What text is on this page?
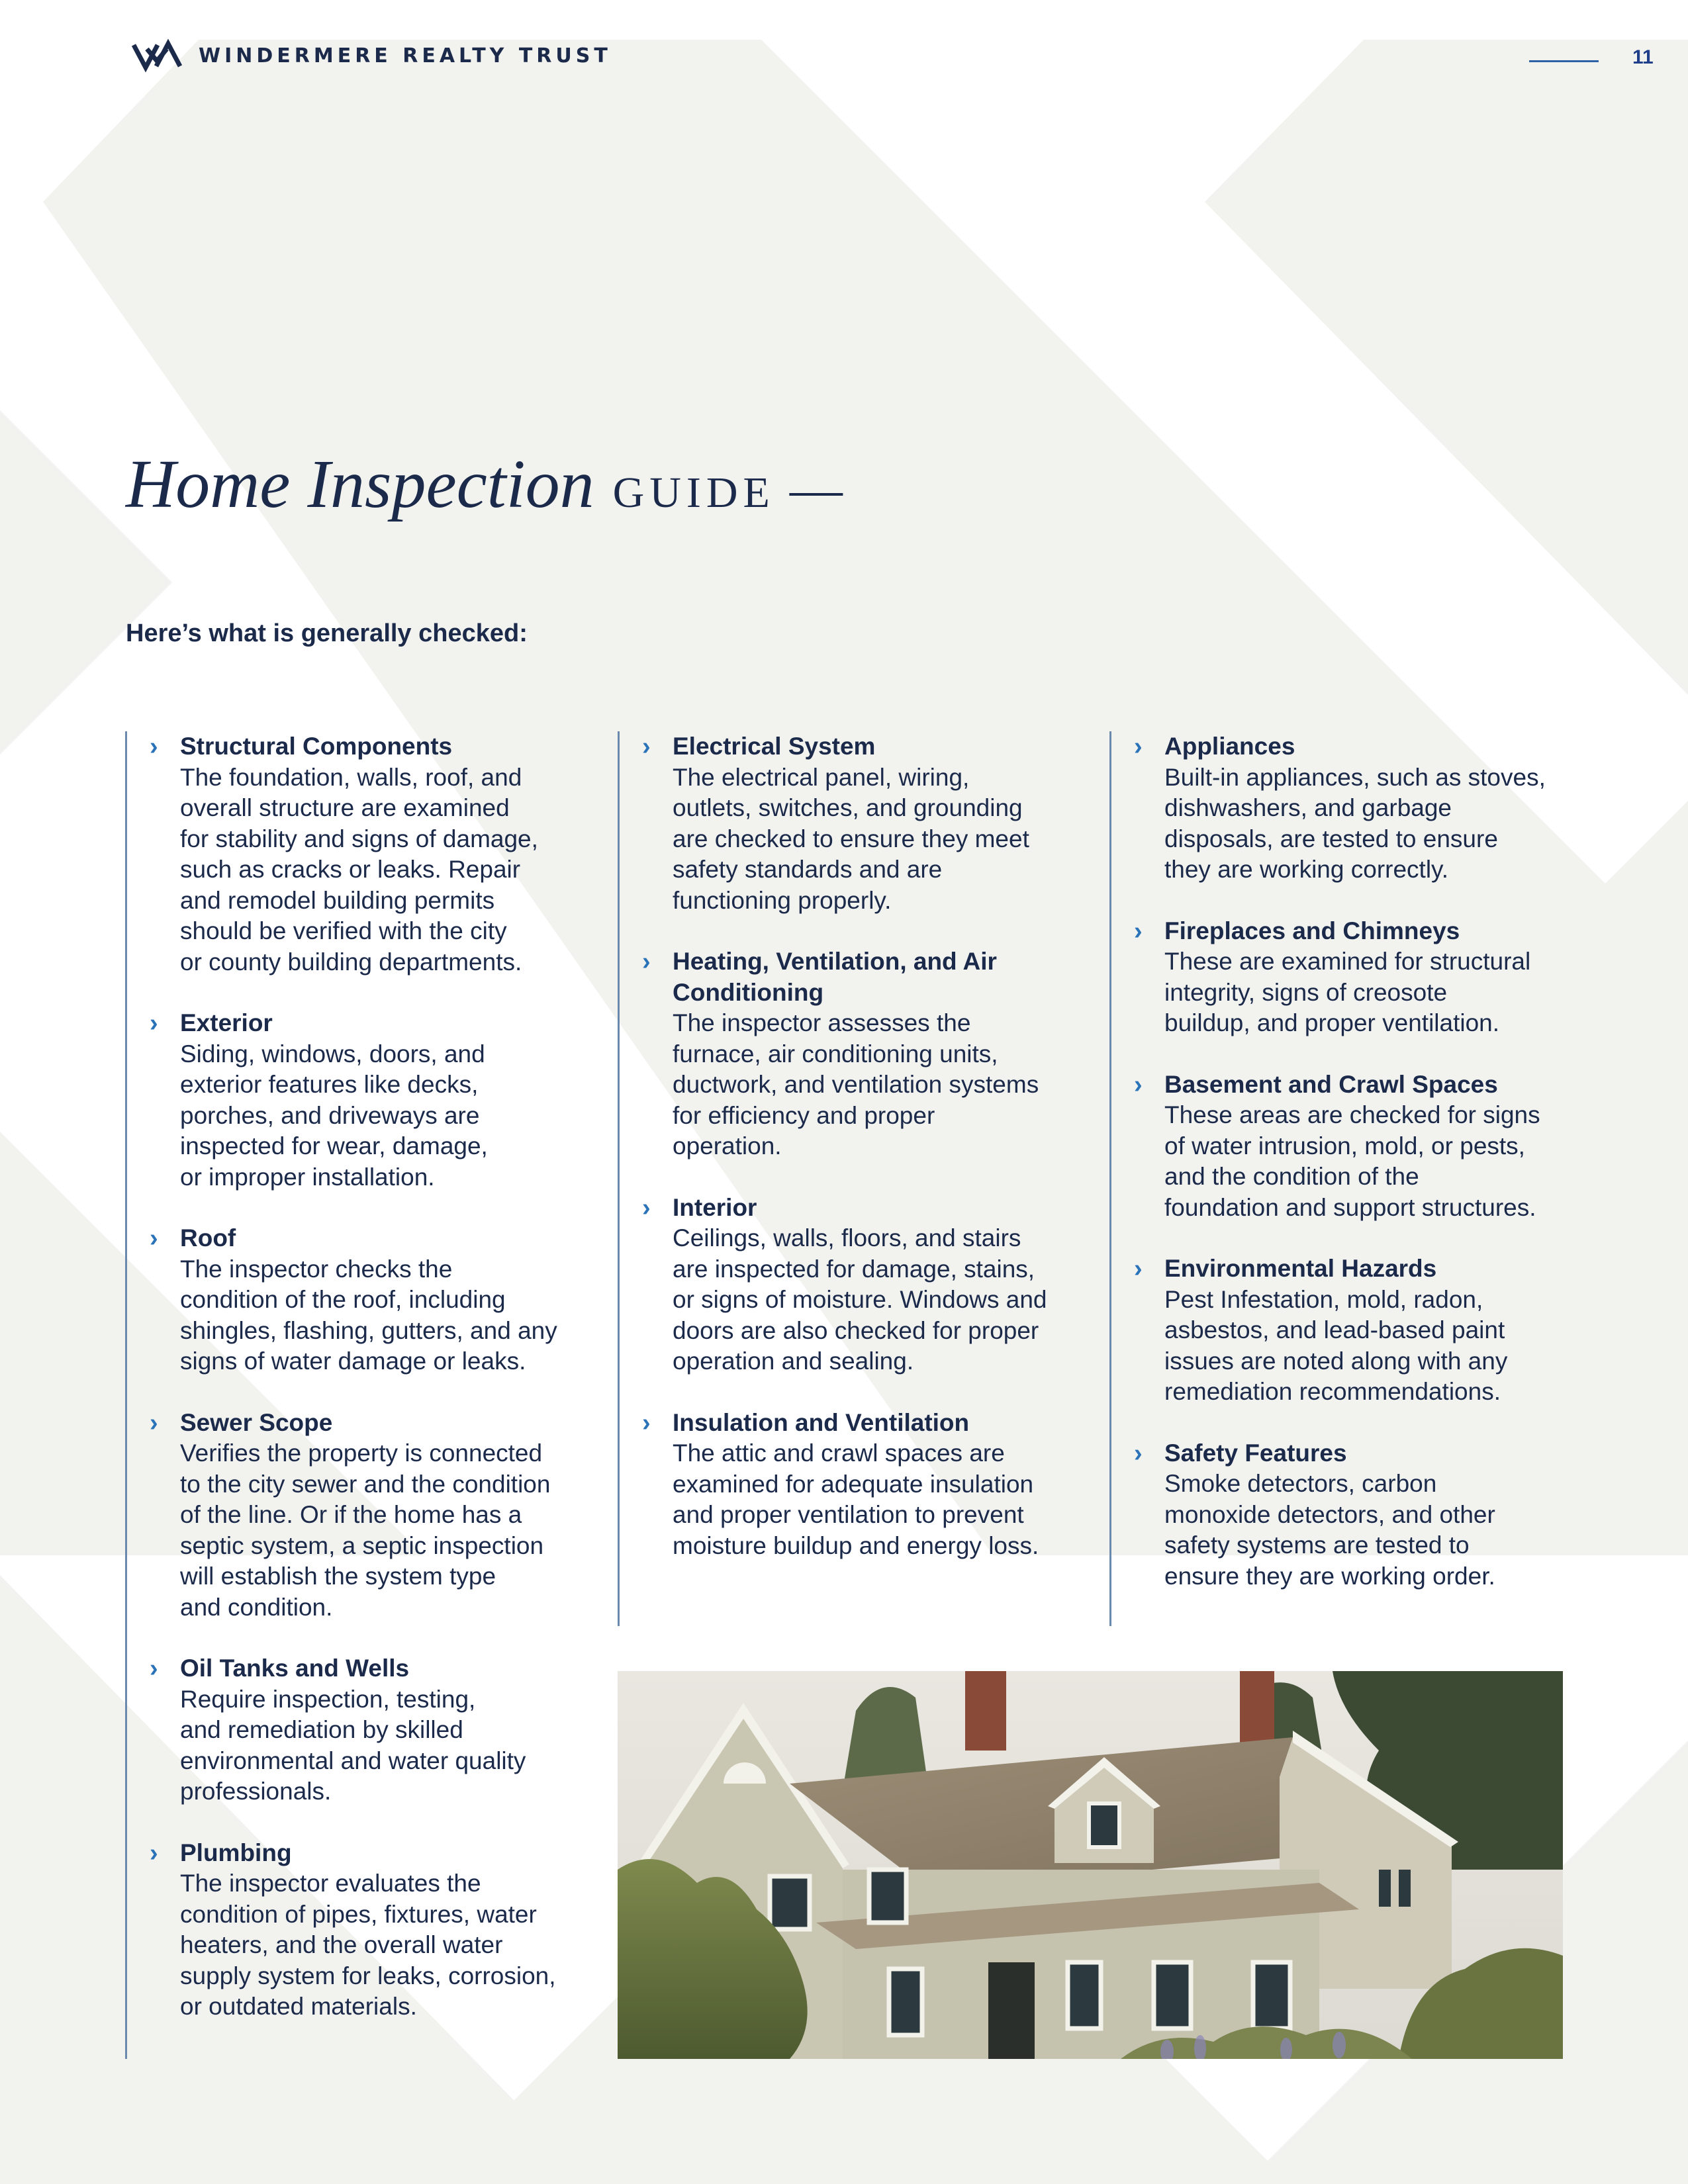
WINDERMERE REALTY TRUST	11
Home Inspection GUIDE —
Here’s what is generally checked:
› Structural Components
The foundation, walls, roof, and
overall structure are examined
for stability and signs of damage,
such as cracks or leaks. Repair
and remodel building permits
should be verified with the city
or county building departments.
› Exterior
Siding, windows, doors, and
exterior features like decks,
porches, and driveways are
inspected for wear, damage,
or improper installation.
› Roof
The inspector checks the
condition of the roof, including
shingles, flashing, gutters, and any
signs of water damage or leaks.
› Sewer Scope
Verifies the property is connected
to the city sewer and the condition
of the line. Or if the home has a
septic system, a septic inspection
will establish the system type
and condition.
› Oil Tanks and Wells
Require inspection, testing,
and remediation by skilled
environmental and water quality
professionals.
› Plumbing
The inspector evaluates the
condition of pipes, fixtures, water
heaters, and the overall water
supply system for leaks, corrosion,
or outdated materials.
› Electrical System
The electrical panel, wiring,
outlets, switches, and grounding
are checked to ensure they meet
safety standards and are
functioning properly.
› Heating, Ventilation, and Air Conditioning
The inspector assesses the
furnace, air conditioning units,
ductwork, and ventilation systems
for efficiency and proper
operation.
› Interior
Ceilings, walls, floors, and stairs
are inspected for damage, stains,
or signs of moisture. Windows and
doors are also checked for proper
operation and sealing.
› Insulation and Ventilation
The attic and crawl spaces are
examined for adequate insulation
and proper ventilation to prevent
moisture buildup and energy loss.
› Appliances
Built-in appliances, such as stoves,
dishwashers, and garbage
disposals, are tested to ensure
they are working correctly.
› Fireplaces and Chimneys
These are examined for structural
integrity, signs of creosote
buildup, and proper ventilation.
› Basement and Crawl Spaces
These areas are checked for signs
of water intrusion, mold, or pests,
and the condition of the
foundation and support structures.
› Environmental Hazards
Pest Infestation, mold, radon,
asbestos, and lead-based paint
issues are noted along with any
remediation recommendations.
› Safety Features
Smoke detectors, carbon
monoxide detectors, and other
safety systems are tested to
ensure they are working order.
